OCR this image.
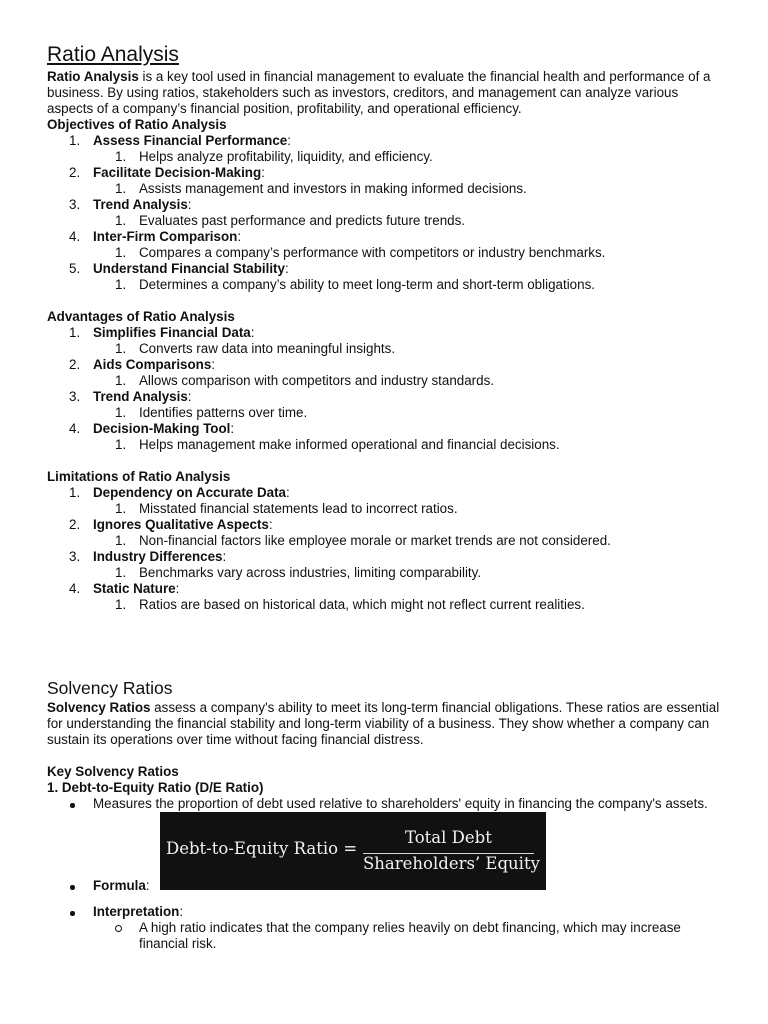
Ratio Analysis

Ratio Analysis is a key tool used in financial management to evaluate the financial health and performance of a business. By using ratios, stakeholders such as investors, creditors, and management can analyze various aspects of a company’s financial position, profitability, and operational efficiency.

Objectives of Ratio Analysis
1. Assess Financial Performance:
1. Helps analyze profitability, liquidity, and efficiency.
2. Facilitate Decision-Making:
1. Assists management and investors in making informed decisions.
3. Trend Analysis:
1. Evaluates past performance and predicts future trends.
4. Inter-Firm Comparison:
1. Compares a company’s performance with competitors or industry benchmarks.
5. Understand Financial Stability:
1. Determines a company’s ability to meet long-term and short-term obligations.
Advantages of Ratio Analysis
1. Simplifies Financial Data:
1. Converts raw data into meaningful insights.
2. Aids Comparisons:
1. Allows comparison with competitors and industry standards.
3. Trend Analysis:
1. Identifies patterns over time.
4. Decision-Making Tool:
1. Helps management make informed operational and financial decisions.
Limitations of Ratio Analysis
1. Dependency on Accurate Data:
1. Misstated financial statements lead to incorrect ratios.
2. Ignores Qualitative Aspects:
1. Non-financial factors like employee morale or market trends are not considered.
3. Industry Differences:
1. Benchmarks vary across industries, limiting comparability.
4. Static Nature:
1. Ratios are based on historical data, which might not reflect current realities.
Solvency Ratios

Solvency Ratios assess a company's ability to meet its long-term financial obligations. These ratios are essential for understanding the financial stability and long-term viability of a business. They show whether a company can sustain its operations over time without facing financial distress.

Key Solvency Ratios
1. Debt-to-Equity Ratio (D/E Ratio)
Measures the proportion of debt used relative to shareholders' equity in financing the company's assets.
Formula:
Debt-to-Equity Ratio =
Total Debt
Shareholders’ Equity
Interpretation:
A high ratio indicates that the company relies heavily on debt financing, which may increase financial risk.
